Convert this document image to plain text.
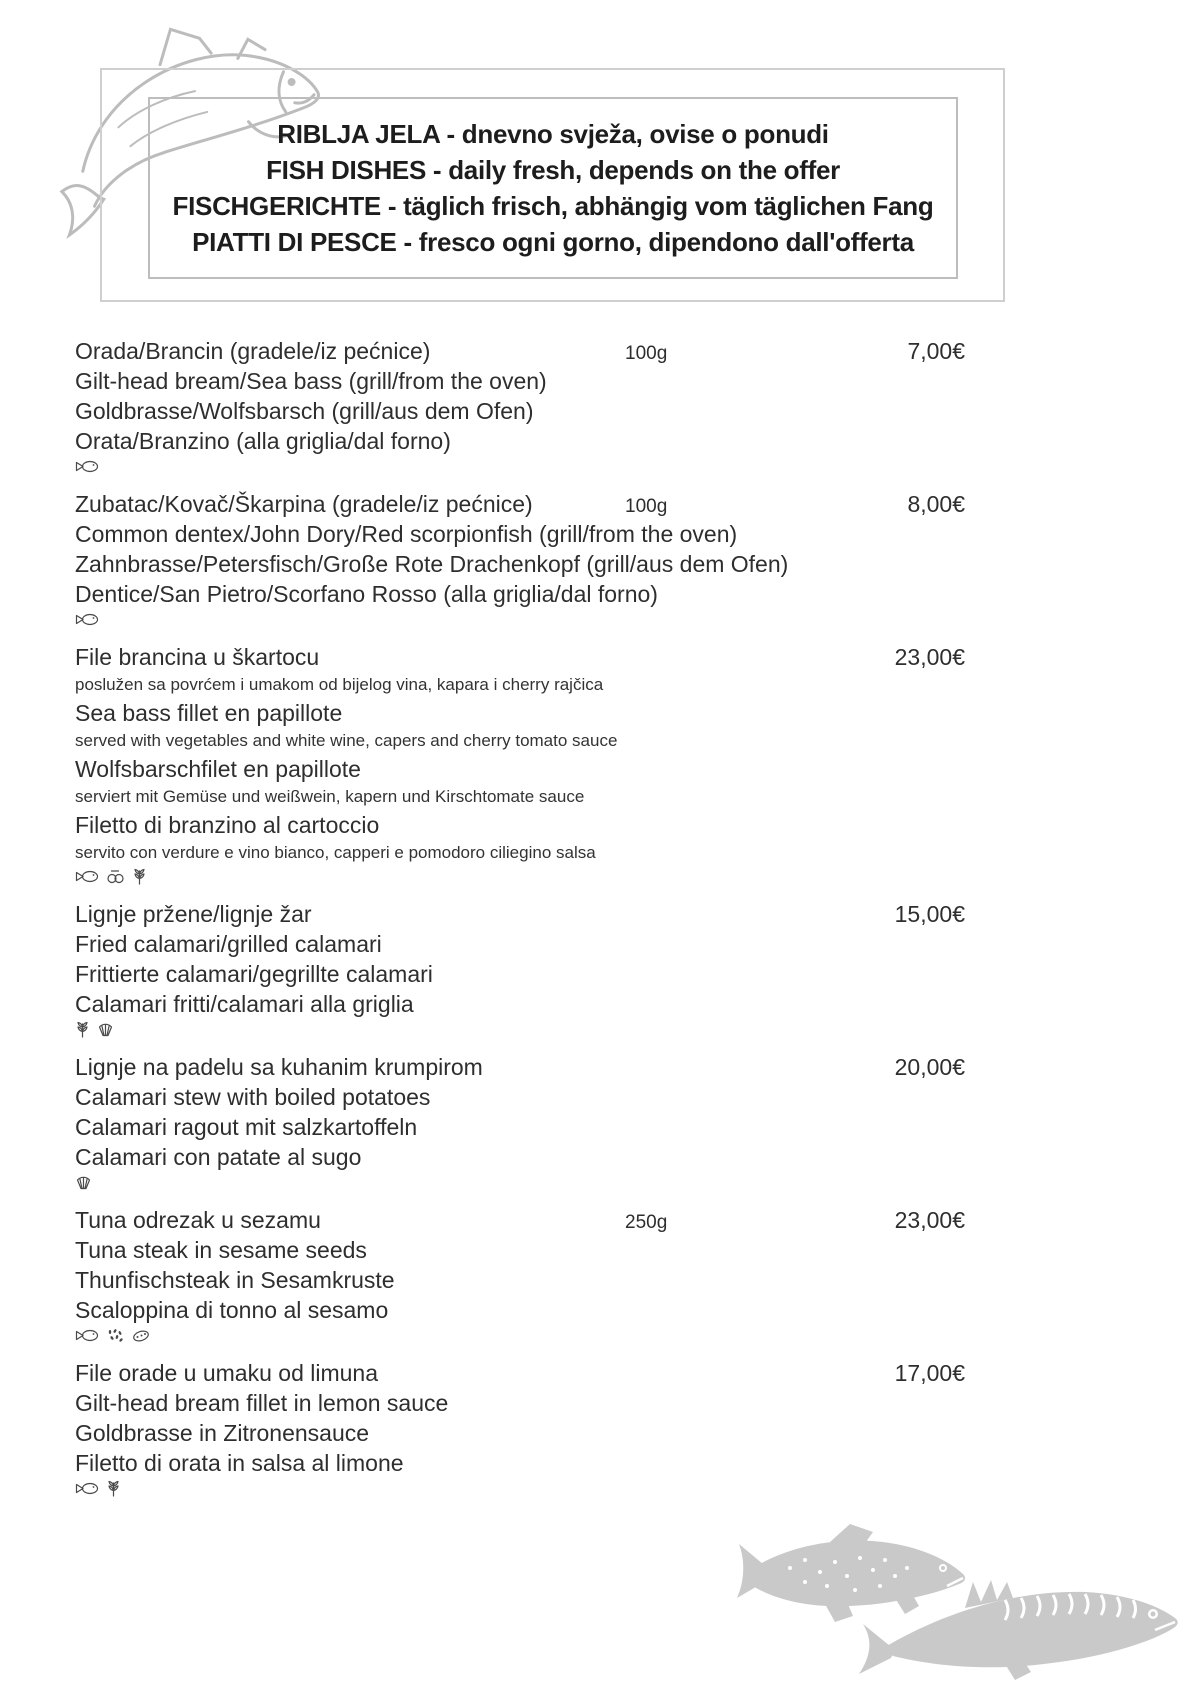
RIBLJA JELA - dnevno svježa, ovise o ponudi
FISH DISHES - daily fresh, depends on the offer
FISCHGERICHTE - täglich frisch, abhängig vom täglichen Fang
PIATTI DI PESCE - fresco ogni gorno, dipendono dall'offerta
Orada/Brancin (gradele/iz pećnice)	100g	7,00€
Gilt-head bream/Sea bass (grill/from the oven)
Goldbrasse/Wolfsbarsch (grill/aus dem Ofen)
Orata/Branzino (alla griglia/dal forno)
Zubatac/Kovač/Škarpina (gradele/iz pećnice)	100g	8,00€
Common dentex/John Dory/Red scorpionfish (grill/from the oven)
Zahnbrasse/Petersfisch/Große Rote Drachenkopf (grill/aus dem Ofen)
Dentice/San Pietro/Scorfano Rosso (alla griglia/dal forno)
File brancina u škartocu	23,00€
poslužen sa povrćem i umakom od bijelog vina, kapara i cherry rajčica
Sea bass fillet en papillote
served with vegetables and white wine, capers and cherry tomato sauce
Wolfsbarschfilet en papillote
serviert mit Gemüse und weißwein, kapern und Kirschtomate sauce
Filetto di branzino al cartoccio
servito con verdure e vino bianco, capperi e pomodoro ciliegino salsa
Lignje pržene/lignje žar	15,00€
Fried calamari/grilled calamari
Frittierte calamari/gegrillte calamari
Calamari fritti/calamari alla griglia
Lignje na padelu sa kuhanim krumpirom	20,00€
Calamari stew with boiled potatoes
Calamari ragout mit salzkartoffeln
Calamari con patate al sugo
Tuna odrezak u sezamu	250g	23,00€
Tuna steak in sesame seeds
Thunfischsteak in Sesamkruste
Scaloppina di tonno al sesamo
File orade u umaku od limuna	17,00€
Gilt-head bream fillet in lemon sauce
Goldbrasse in Zitronensauce
Filetto di orata in salsa al limone
